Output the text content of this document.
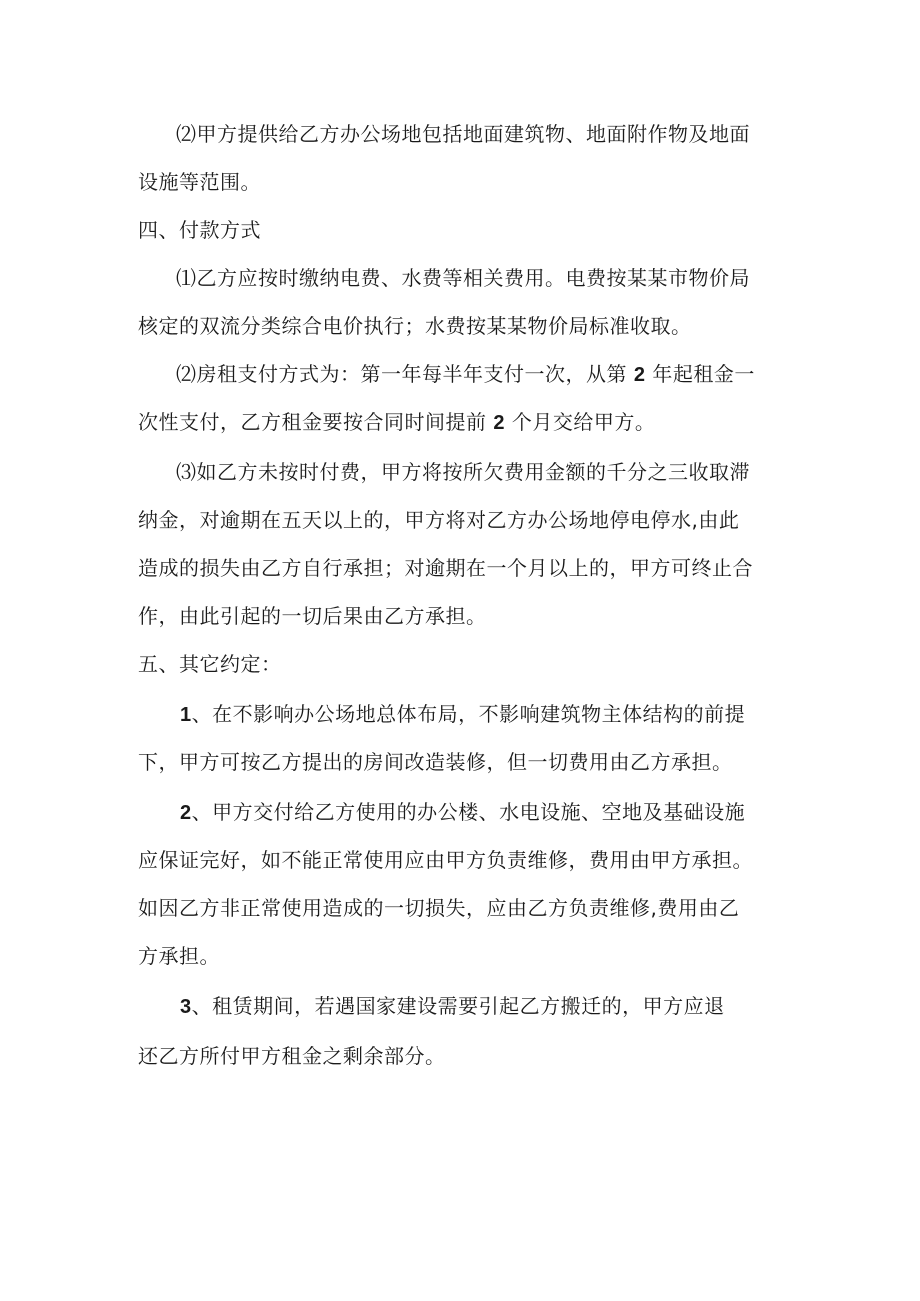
⑵甲方提供给乙方办公场地包括地面建筑物、地面附作物及地面
设施等范围。
四、付款方式
⑴乙方应按时缴纳电费、水费等相关费用。电费按某某市物价局
核定的双流分类综合电价执行；水费按某某物价局标准收取。
⑵房租支付方式为：第一年每半年支付一次，从第 2 年起租金一
次性支付，乙方租金要按合同时间提前 2 个月交给甲方。
⑶如乙方未按时付费，甲方将按所欠费用金额的千分之三收取滞
纳金，对逾期在五天以上的，甲方将对乙方办公场地停电停水,由此
造成的损失由乙方自行承担；对逾期在一个月以上的，甲方可终止合
作，由此引起的一切后果由乙方承担。
五、其它约定：
1、在不影响办公场地总体布局，不影响建筑物主体结构的前提
下，甲方可按乙方提出的房间改造装修，但一切费用由乙方承担。
2、甲方交付给乙方使用的办公楼、水电设施、空地及基础设施
应保证完好，如不能正常使用应由甲方负责维修，费用由甲方承担。
如因乙方非正常使用造成的一切损失，应由乙方负责维修,费用由乙
方承担。
3、租赁期间，若遇国家建设需要引起乙方搬迁的，甲方应退
还乙方所付甲方租金之剩余部分。
